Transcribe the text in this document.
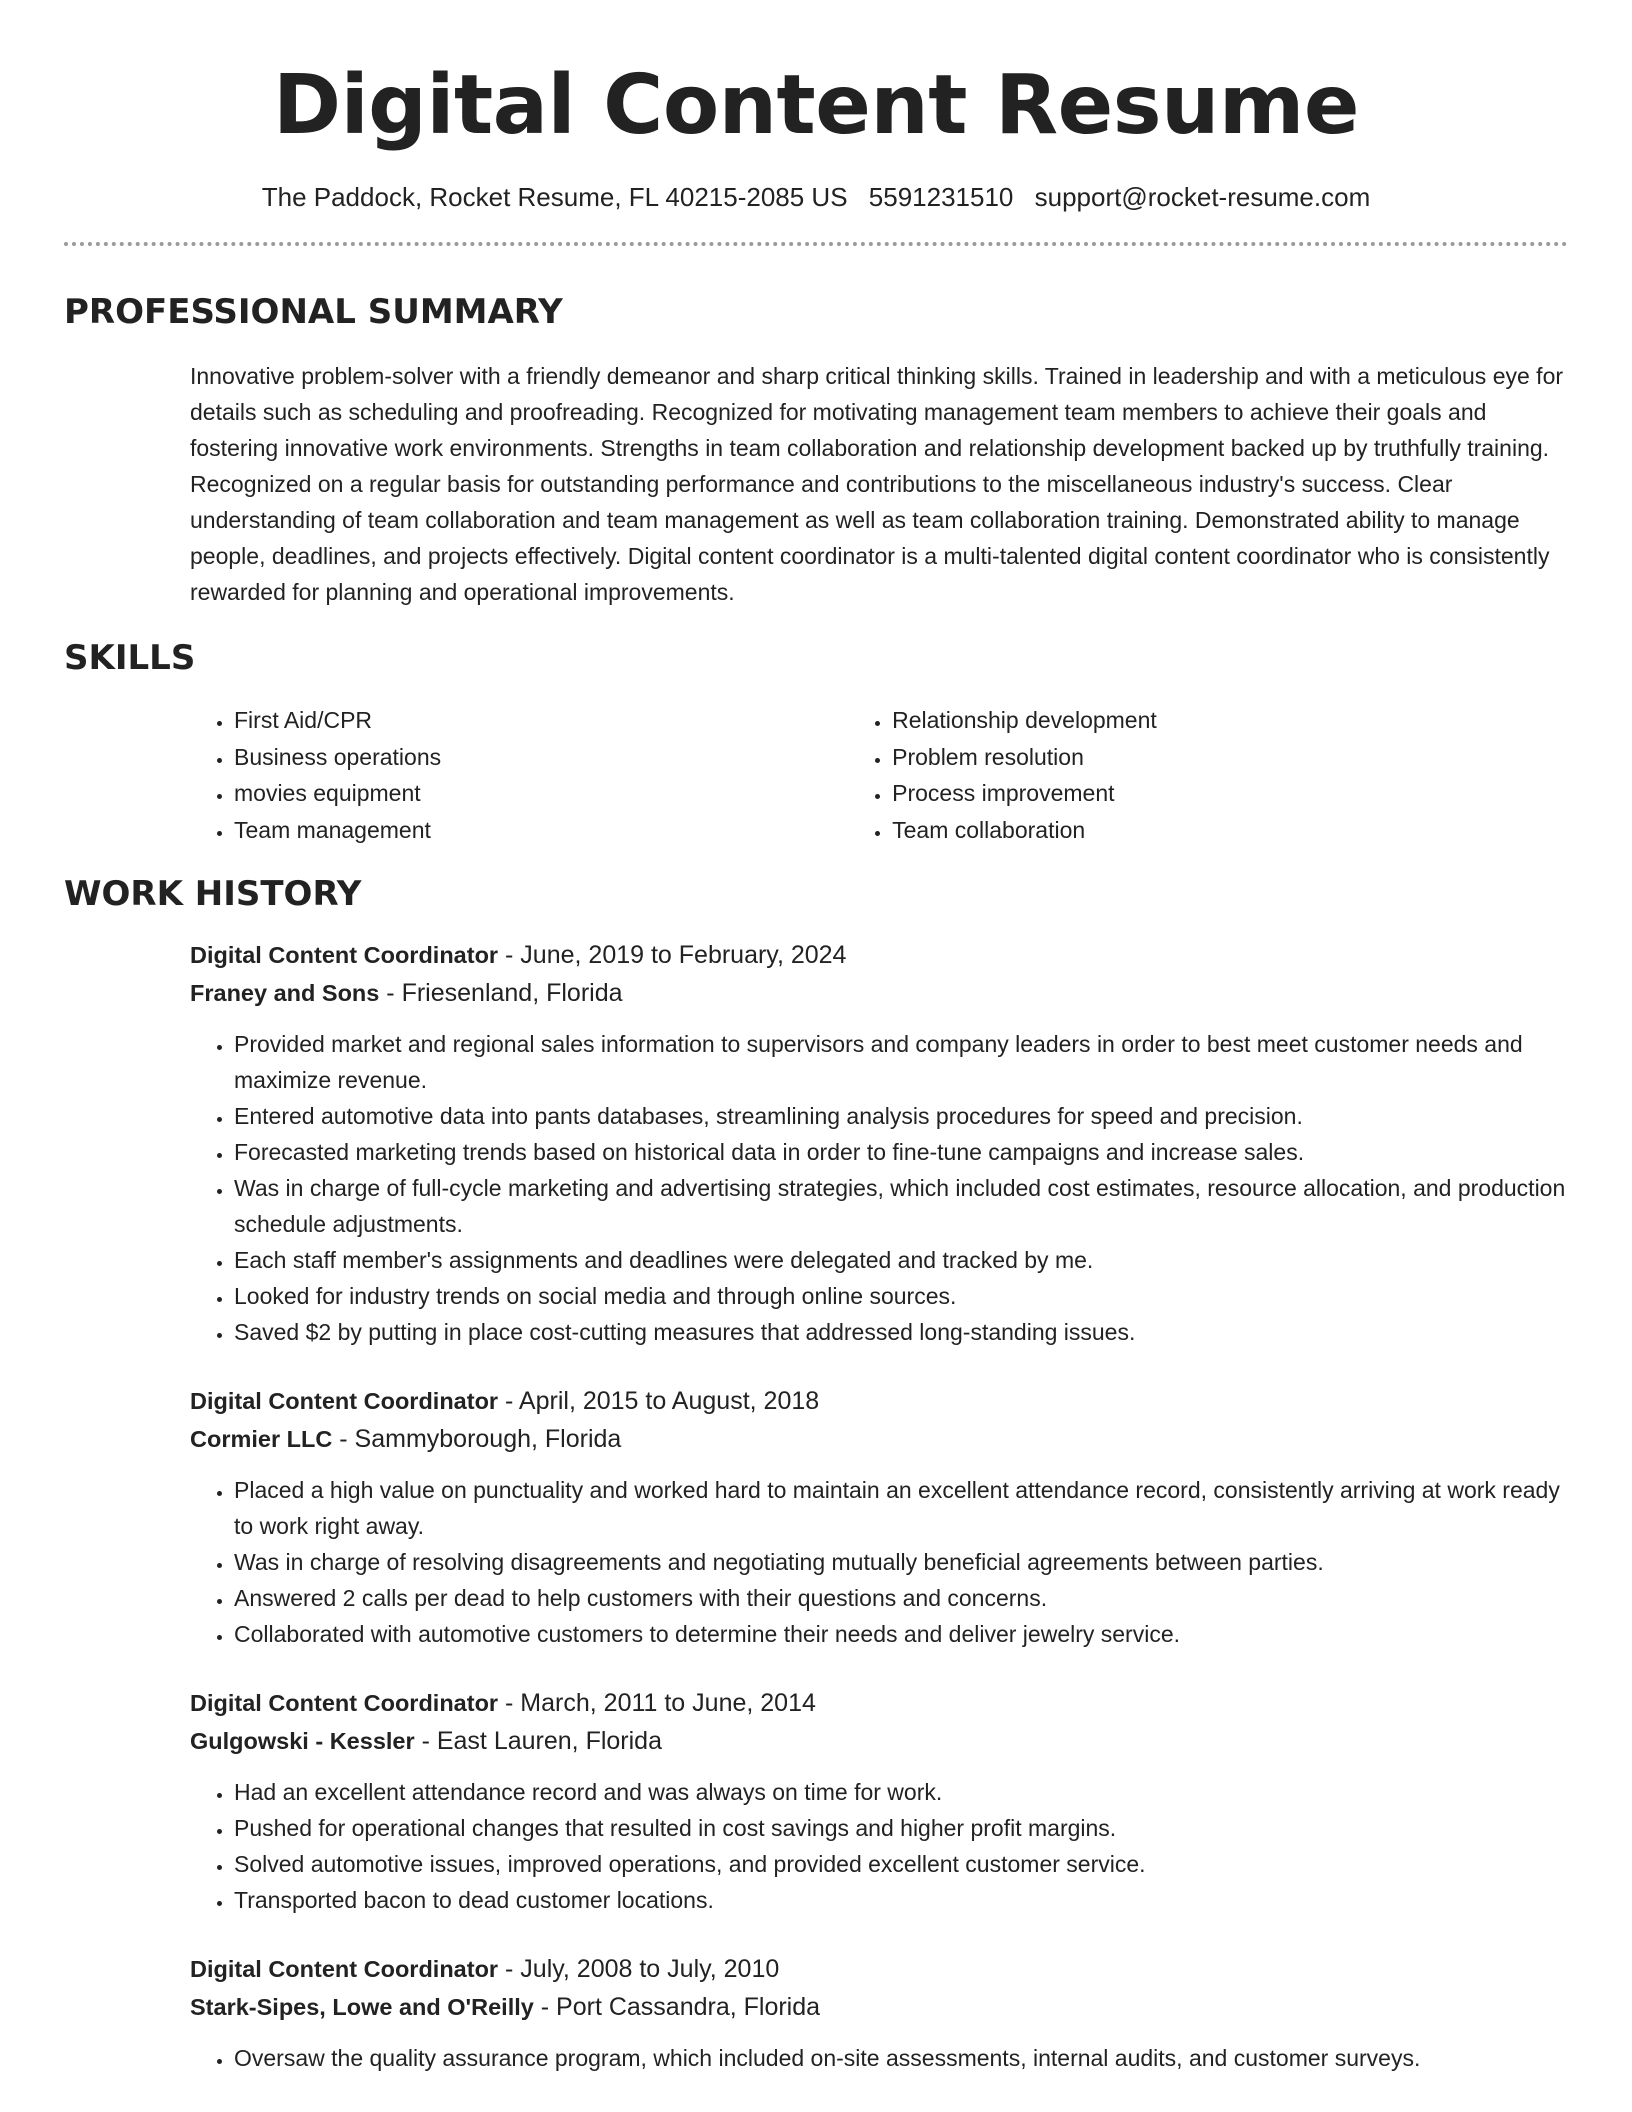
Digital Content Resume
The Paddock, Rocket Resume, FL 40215-2085 US 5591231510 support@rocket-resume.com
PROFESSIONAL SUMMARY

Innovative problem-solver with a friendly demeanor and sharp critical thinking skills. Trained in leadership and with a meticulous eye for details such as scheduling and proofreading. Recognized for motivating management team members to achieve their goals and fostering innovative work environments. Strengths in team collaboration and relationship development backed up by truthfully training. Recognized on a regular basis for outstanding performance and contributions to the miscellaneous industry's success. Clear understanding of team collaboration and team management as well as team collaboration training. Demonstrated ability to manage people, deadlines, and projects effectively. Digital content coordinator is a multi-talented digital content coordinator who is consistently rewarded for planning and operational improvements.

SKILLS
• First Aid/CPR
• Business operations
• movies equipment
• Team management
• Relationship development
• Problem resolution
• Process improvement
• Team collaboration
WORK HISTORY
Digital Content Coordinator - June, 2019 to February, 2024
Franey and Sons - Friesenland, Florida
• Provided market and regional sales information to supervisors and company leaders in order to best meet customer needs and maximize revenue.
• Entered automotive data into pants databases, streamlining analysis procedures for speed and precision.
• Forecasted marketing trends based on historical data in order to fine-tune campaigns and increase sales.
• Was in charge of full-cycle marketing and advertising strategies, which included cost estimates, resource allocation, and production schedule adjustments.
• Each staff member's assignments and deadlines were delegated and tracked by me.
• Looked for industry trends on social media and through online sources.
• Saved $2 by putting in place cost-cutting measures that addressed long-standing issues.
Digital Content Coordinator - April, 2015 to August, 2018
Cormier LLC - Sammyborough, Florida
• Placed a high value on punctuality and worked hard to maintain an excellent attendance record, consistently arriving at work ready to work right away.
• Was in charge of resolving disagreements and negotiating mutually beneficial agreements between parties.
• Answered 2 calls per dead to help customers with their questions and concerns.
• Collaborated with automotive customers to determine their needs and deliver jewelry service.
Digital Content Coordinator - March, 2011 to June, 2014
Gulgowski - Kessler - East Lauren, Florida
• Had an excellent attendance record and was always on time for work.
• Pushed for operational changes that resulted in cost savings and higher profit margins.
• Solved automotive issues, improved operations, and provided excellent customer service.
• Transported bacon to dead customer locations.
Digital Content Coordinator - July, 2008 to July, 2010
Stark-Sipes, Lowe and O'Reilly - Port Cassandra, Florida
• Oversaw the quality assurance program, which included on-site assessments, internal audits, and customer surveys.
